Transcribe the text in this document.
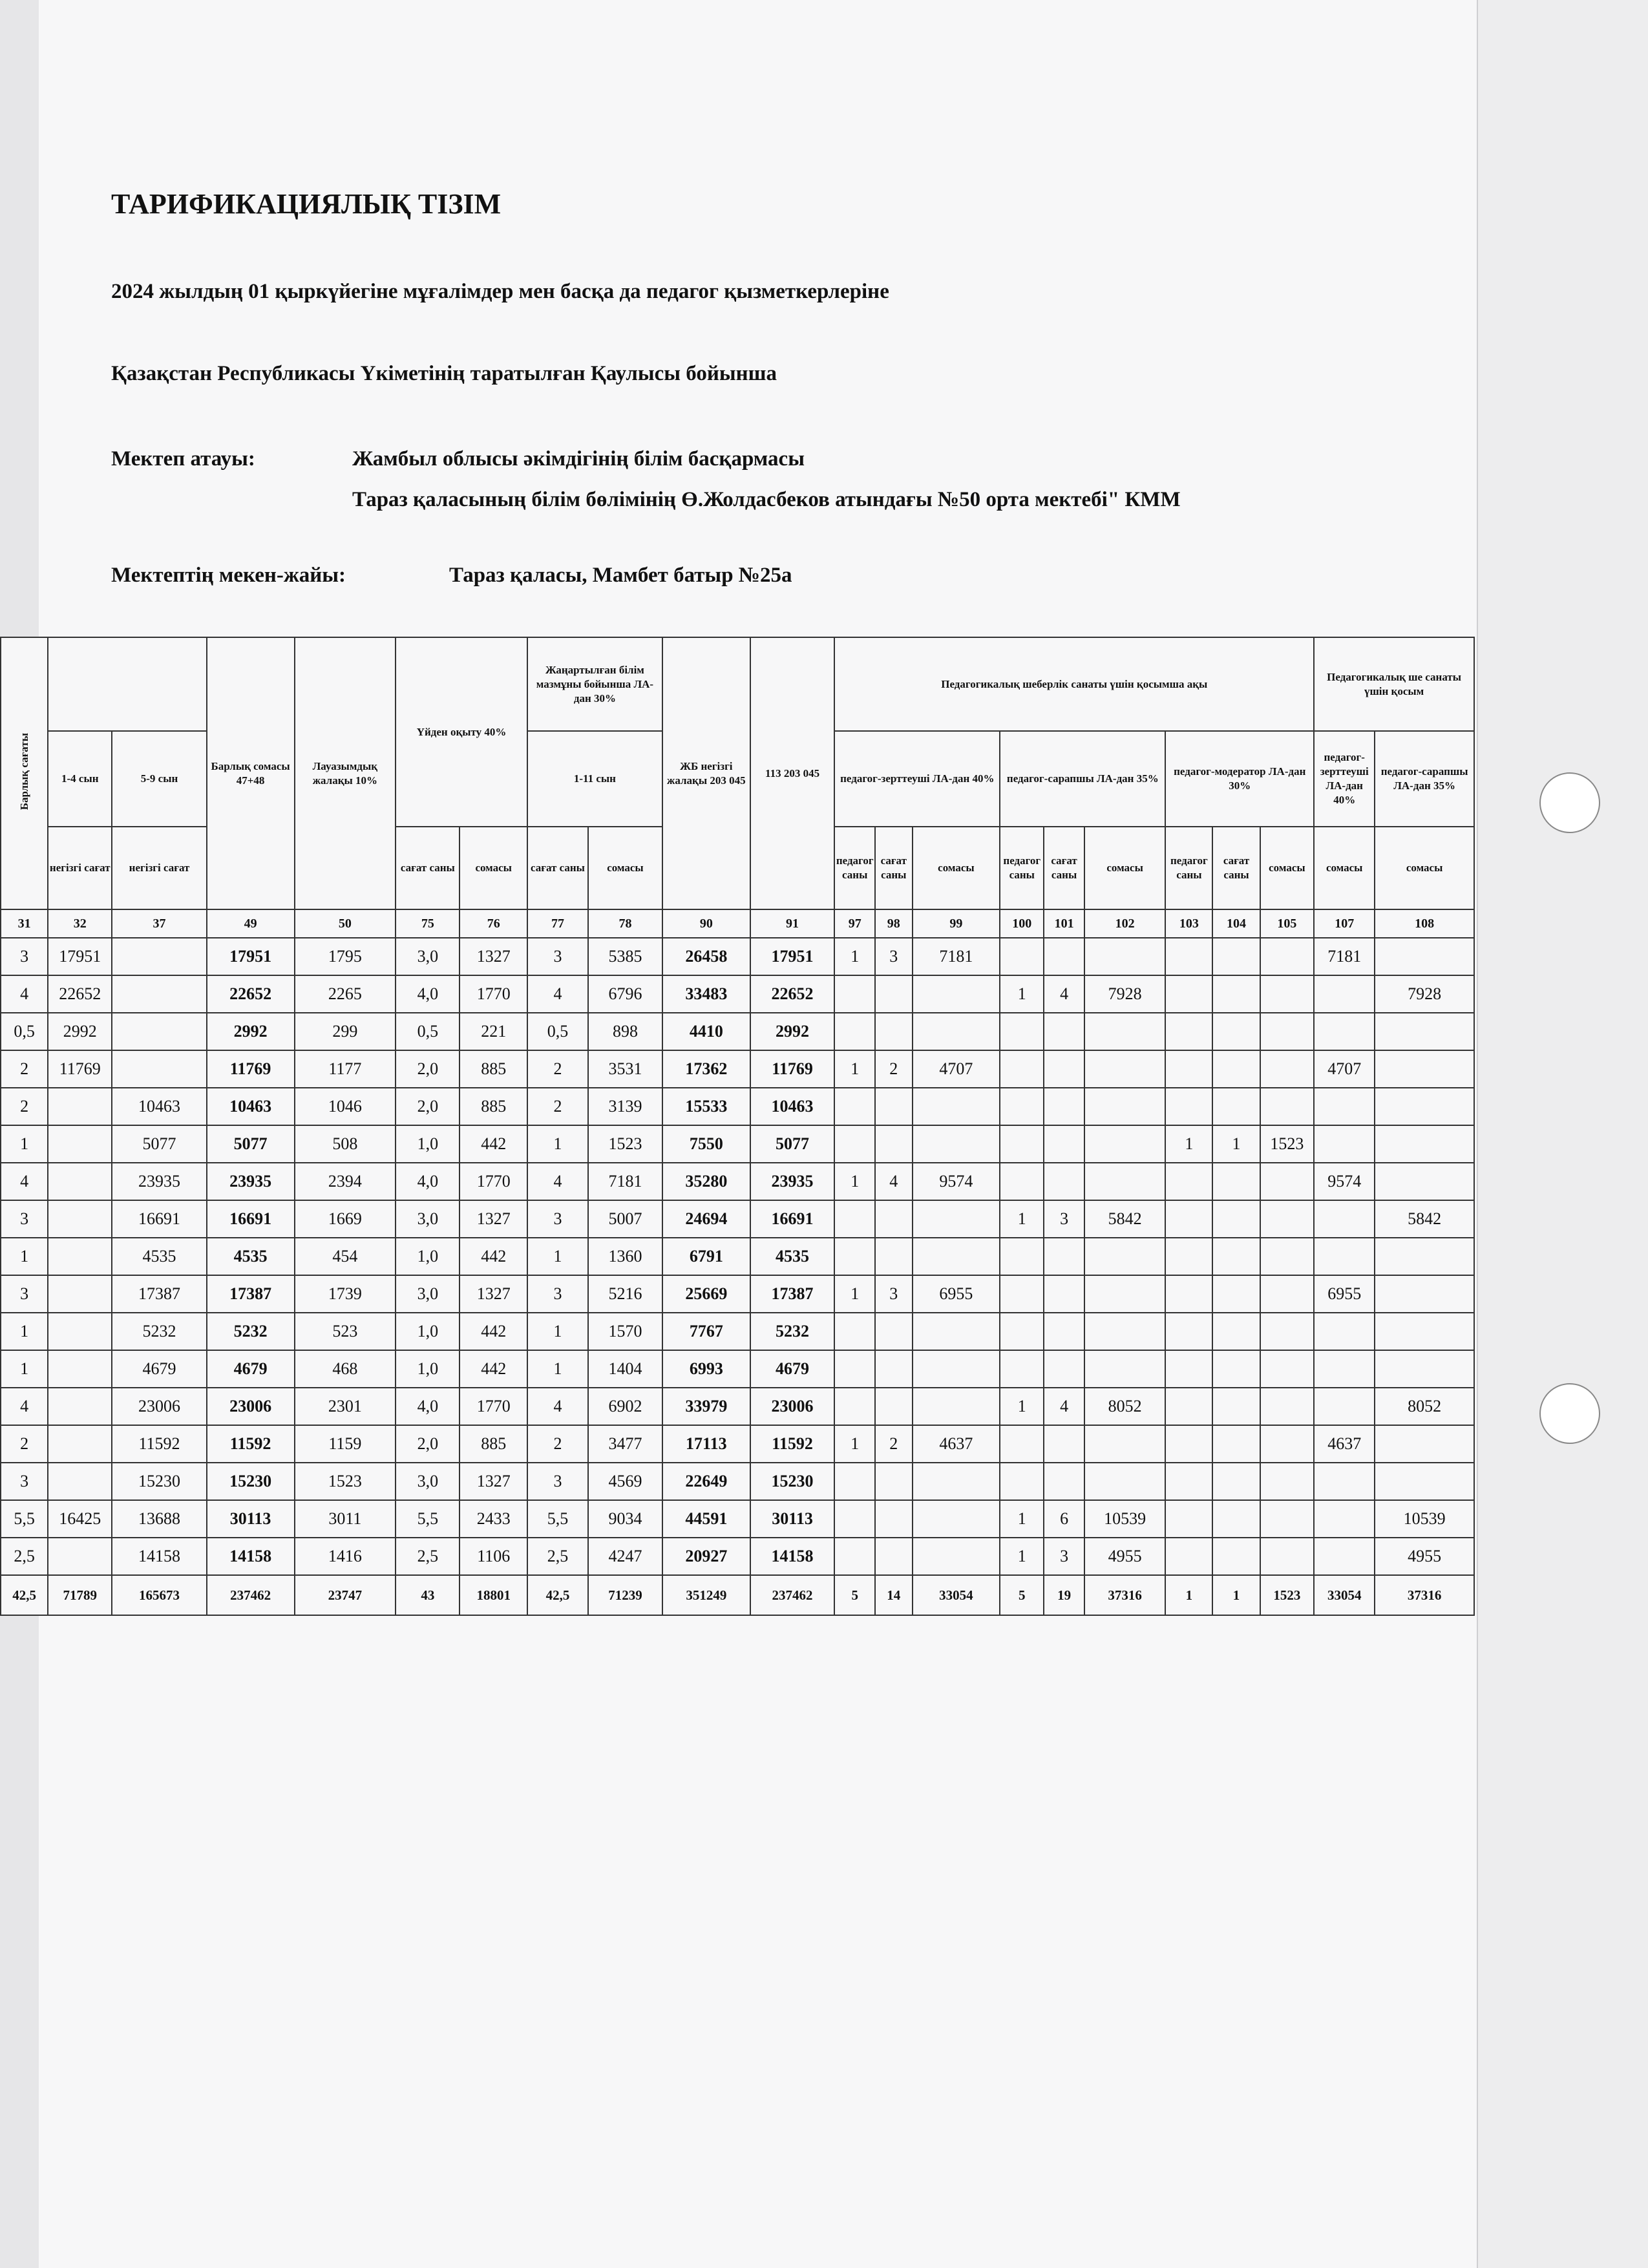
ТАРИФИКАЦИЯЛЫҚ ТІЗІМ
2024 жылдың 01 қыркүйегіне мұғалімдер мен басқа да педагог қызметкерлеріне
Қазақстан Республикасы Үкіметінің таратылған Қаулысы бойынша
Мектеп атауы:	Жамбыл облысы әкімдігінің білім басқармасы
Тараз қаласының білім бөлімінің Ө.Жолдасбеков атындағы №50 орта мектебі" КММ
Мектептің мекен-жайы:	Тараз қаласы, Мамбет батыр №25а
Барлық сағаты			Барлық сомасы 47+48	Лауазымдық жалақы 10%	Үйден оқыту 40%		Жаңартылған білім мазмұны бойынша ЛА-дан 30%		ЖБ негізгі жалақы 203 045	113 203 045	Педагогикалық шеберлік санаты үшін қосымша ақы									Педагогикалық ше санаты үшін қосым	
	1-4 сын	5-9 сын					1-11 сын				педагог-зерттеуші ЛА-дан 40%			педагог-сарапшы ЛА-дан 35%			педагог-модератор ЛА-дан 30%			педагог-зерттеуші ЛА-дан 40%	педагог-сарапшы ЛА-дан 35%
	негізгі сағат	негізгі сағат			сағат саны	сомасы	сағат саны	сомасы			педагог саны	сағат саны	сомасы	педагог саны	сағат саны	сомасы	педагог саны	сағат саны	сомасы	сомасы	сомасы
31	32	37	49	50	75	76	77	78	90	91	97	98	99	100	101	102	103	104	105	107	108
3	17951		17951	1795	3,0	1327	3	5385	26458	17951	1	3	7181							7181	
4	22652		22652	2265	4,0	1770	4	6796	33483	22652				1	4	7928					7928
0,5	2992		2992	299	0,5	221	0,5	898	4410	2992											
2	11769		11769	1177	2,0	885	2	3531	17362	11769	1	2	4707							4707	
2		10463	10463	1046	2,0	885	2	3139	15533	10463											
1		5077	5077	508	1,0	442	1	1523	7550	5077							1	1	1523		
4		23935	23935	2394	4,0	1770	4	7181	35280	23935	1	4	9574							9574	
3		16691	16691	1669	3,0	1327	3	5007	24694	16691				1	3	5842					5842
1		4535	4535	454	1,0	442	1	1360	6791	4535											
3		17387	17387	1739	3,0	1327	3	5216	25669	17387	1	3	6955							6955	
1		5232	5232	523	1,0	442	1	1570	7767	5232											
1		4679	4679	468	1,0	442	1	1404	6993	4679											
4		23006	23006	2301	4,0	1770	4	6902	33979	23006				1	4	8052					8052
2		11592	11592	1159	2,0	885	2	3477	17113	11592	1	2	4637							4637	
3		15230	15230	1523	3,0	1327	3	4569	22649	15230											
5,5	16425	13688	30113	3011	5,5	2433	5,5	9034	44591	30113				1	6	10539					10539
2,5		14158	14158	1416	2,5	1106	2,5	4247	20927	14158				1	3	4955					4955
42,5	71789	165673	237462	23747	43	18801	42,5	71239	351249	237462	5	14	33054	5	19	37316	1	1	1523	33054	37316
